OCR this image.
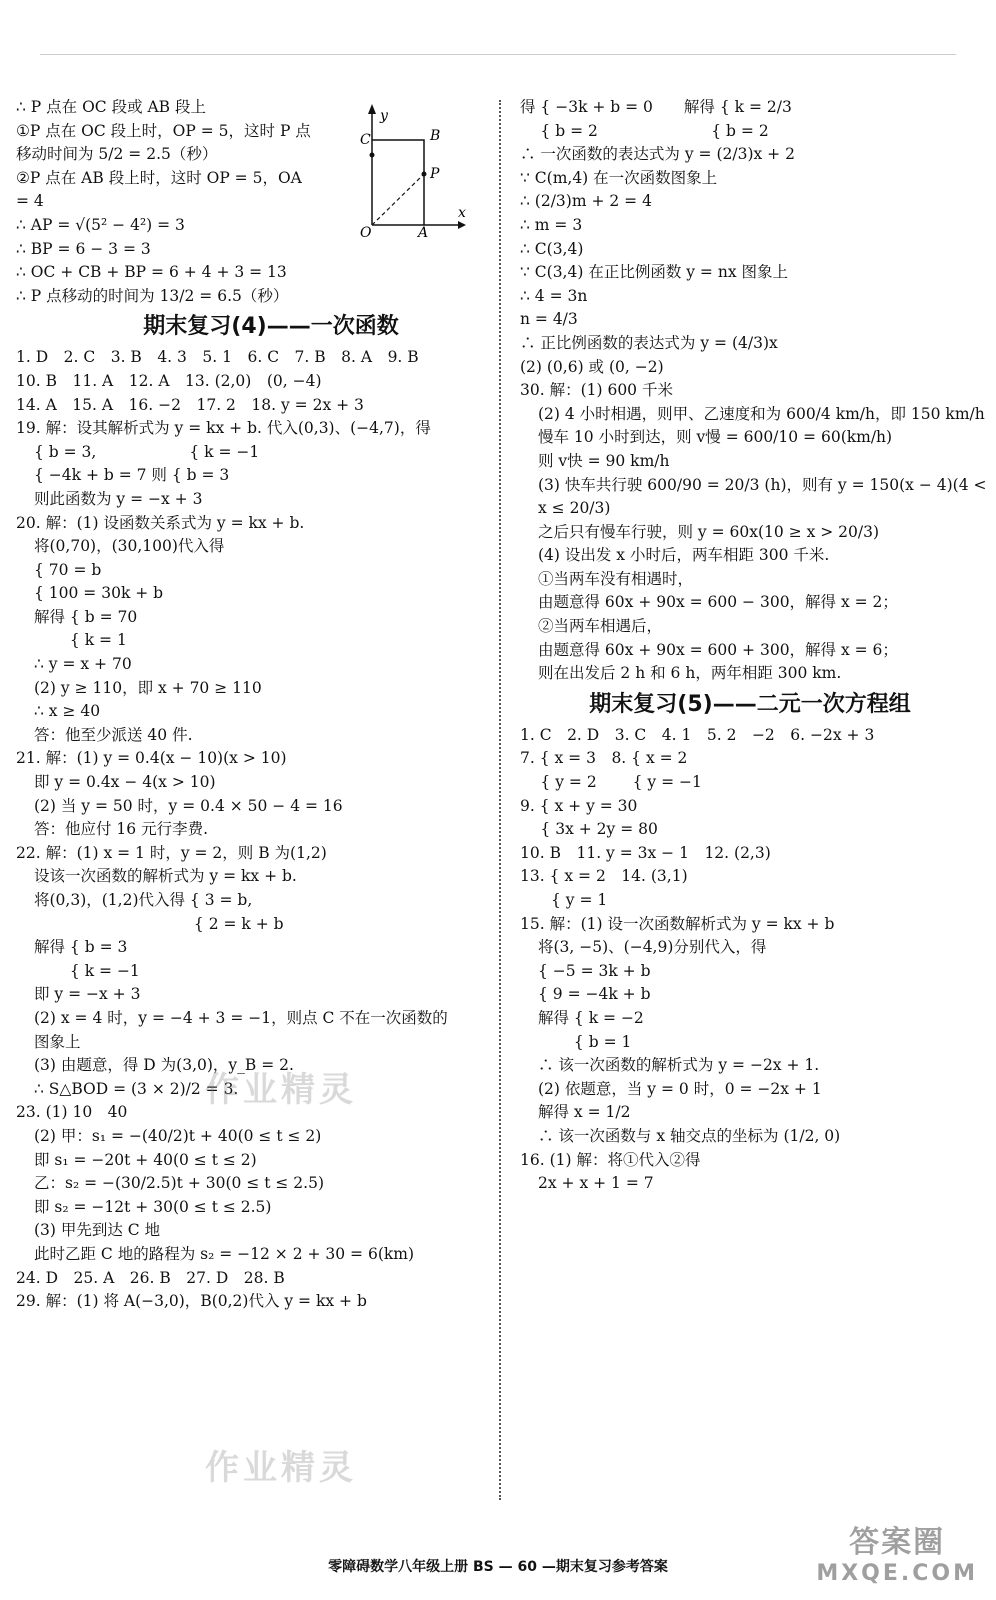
y
x
O
C	B
P
A
∴ P 点在 OC 段或 AB 段上
①P 点在 OC 段上时，OP = 5，这时 P 点
移动时间为 5/2 = 2.5（秒）
②P 点在 AB 段上时，这时 OP = 5，OA
= 4
∴ AP = √(5² − 4²) = 3
∴ BP = 6 − 3 = 3
∴ OC + CB + BP = 6 + 4 + 3 = 13
∴ P 点移动的时间为 13/2 = 6.5（秒）
期末复习(4)——一次函数
1. D　2. C　3. B　4. 3　5. 1　6. C　7. B　8. A　9. B
10. B　11. A　12. A　13. (2,0)　(0, −4)
14. A　15. A　16. −2　17. 2　18. y = 2x + 3
19. 解：设其解析式为 y = kx + b. 代入(0,3)、(−4,7)，得
{ b = 3,　　　　　　{ k = −1
{ −4k + b = 7 则 { b = 3
则此函数为 y = −x + 3
20. 解：(1) 设函数关系式为 y = kx + b.
将(0,70)，(30,100)代入得
{ 70 = b
{ 100 = 30k + b
解得 { b = 70
　　 { k = 1
∴ y = x + 70
(2) y ≥ 110，即 x + 70 ≥ 110
∴ x ≥ 40
答：他至少派送 40 件.
21. 解：(1) y = 0.4(x − 10)(x > 10)
即 y = 0.4x − 4(x > 10)
(2) 当 y = 50 时，y = 0.4 × 50 − 4 = 16
答：他应付 16 元行李费.
22. 解：(1) x = 1 时，y = 2，则 B 为(1,2)
设该一次函数的解析式为 y = kx + b.
将(0,3)，(1,2)代入得 { 3 = b,
　　　　　　　　　　 { 2 = k + b
解得 { b = 3
　　 { k = −1
即 y = −x + 3
(2) x = 4 时，y = −4 + 3 = −1，则点 C 不在一次函数的
图象上
(3) 由题意，得 D 为(3,0)，y_B = 2.
∴ S△BOD = (3 × 2)/2 = 3.
23. (1) 10　40
(2) 甲：s₁ = −(40/2)t + 40(0 ≤ t ≤ 2)
即 s₁ = −20t + 40(0 ≤ t ≤ 2)
乙：s₂ = −(30/2.5)t + 30(0 ≤ t ≤ 2.5)
即 s₂ = −12t + 30(0 ≤ t ≤ 2.5)
(3) 甲先到达 C 地
此时乙距 C 地的路程为 s₂ = −12 × 2 + 30 = 6(km)
24. D　25. A　26. B　27. D　28. B
29. 解：(1) 将 A(−3,0)，B(0,2)代入 y = kx + b
得 { −3k + b = 0　　解得 { k = 2/3
　 { b = 2　　　　　　　 { b = 2
∴ 一次函数的表达式为 y = (2/3)x + 2
∵ C(m,4) 在一次函数图象上
∴ (2/3)m + 2 = 4
∴ m = 3
∴ C(3,4)
∵ C(3,4) 在正比例函数 y = nx 图象上
∴ 4 = 3n
n = 4/3
∴ 正比例函数的表达式为 y = (4/3)x
(2) (0,6) 或 (0, −2)
30. 解：(1) 600 千米
(2) 4 小时相遇，则甲、乙速度和为 600/4 km/h，即 150 km/h
慢车 10 小时到达，则 v慢 = 600/10 = 60(km/h)
则 v快 = 90 km/h
(3) 快车共行驶 600/90 = 20/3 (h)，则有 y = 150(x − 4)(4 <
x ≤ 20/3)
之后只有慢车行驶，则 y = 60x(10 ≥ x > 20/3)
(4) 设出发 x 小时后，两车相距 300 千米.
①当两车没有相遇时，
由题意得 60x + 90x = 600 − 300，解得 x = 2；
②当两车相遇后，
由题意得 60x + 90x = 600 + 300，解得 x = 6；
则在出发后 2 h 和 6 h，两年相距 300 km.
期末复习(5)——二元一次方程组
1. C　2. D　3. C　4. 1　5. 2　−2　6. −2x + 3
7. { x = 3　8. { x = 2
　 { y = 2　　 { y = −1
9. { x + y = 30
　 { 3x + 2y = 80
10. B　11. y = 3x − 1　12. (2,3)
13. { x = 2　14. (3,1)
　　{ y = 1
15. 解：(1) 设一次函数解析式为 y = kx + b
将(3, −5)、(−4,9)分别代入，得
{ −5 = 3k + b
{ 9 = −4k + b
解得 { k = −2
　　 { b = 1
∴ 该一次函数的解析式为 y = −2x + 1.
(2) 依题意，当 y = 0 时，0 = −2x + 1
解得 x = 1/2
∴ 该一次函数与 x 轴交点的坐标为 (1/2, 0)
16. (1) 解：将①代入②得
2x + x + 1 = 7
作业精灵
作业精灵
零障碍数学八年级上册 BS — 60 —期末复习参考答案
答案圈
MXQE.COM
